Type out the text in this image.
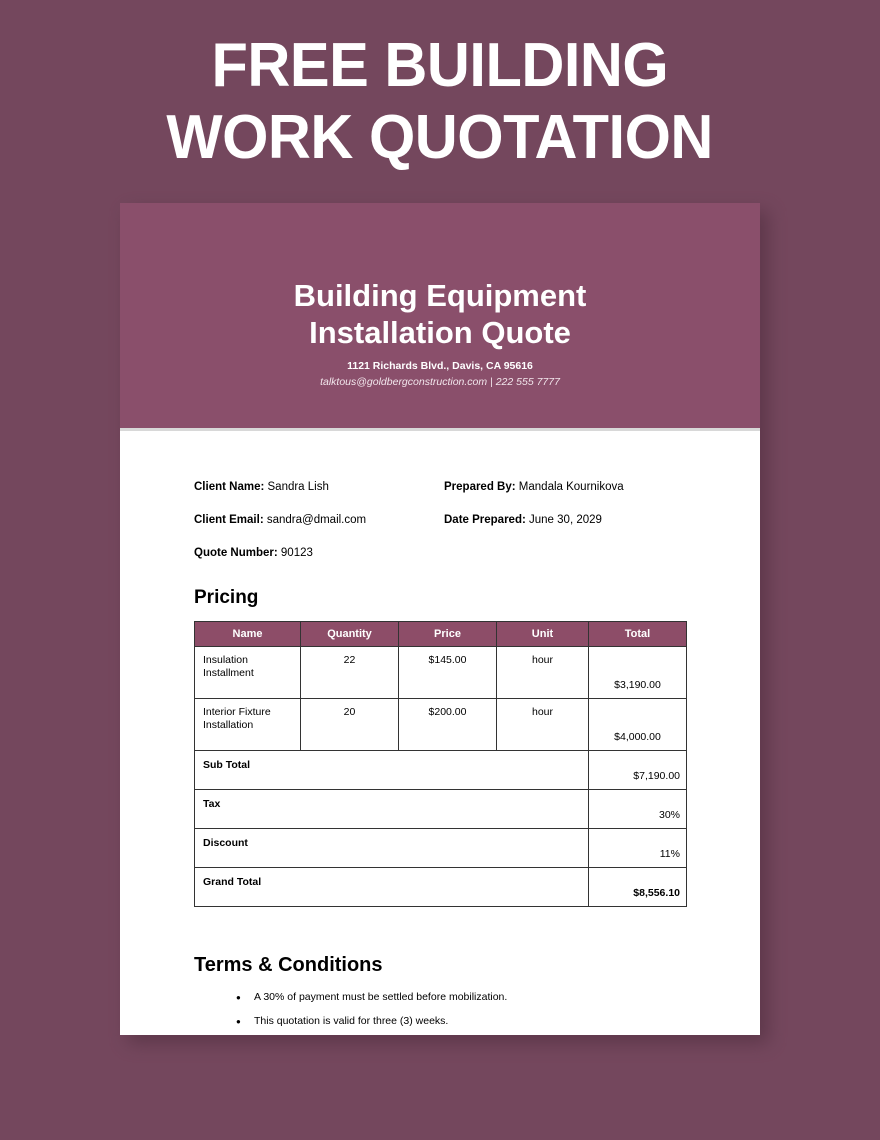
FREE BUILDING
WORK QUOTATION
Building Equipment Installation Quote
1121 Richards Blvd., Davis, CA 95616
talktous@goldbergconstruction.com | 222 555 7777
Client Name: Sandra Lish
Client Email: sandra@dmail.com
Quote Number: 90123
Prepared By: Mandala Kournikova
Date Prepared: June 30, 2029
Pricing
Name	Quantity	Price	Unit	Total
Insulation Installment	22	$145.00	hour	$3,190.00
Interior Fixture Installation	20	$200.00	hour	$4,000.00
Sub Total				$7,190.00
Tax				30%
Discount				11%
Grand Total				$8,556.10
Terms & Conditions
● A 30% of payment must be settled before mobilization.
● This quotation is valid for three (3) weeks.
